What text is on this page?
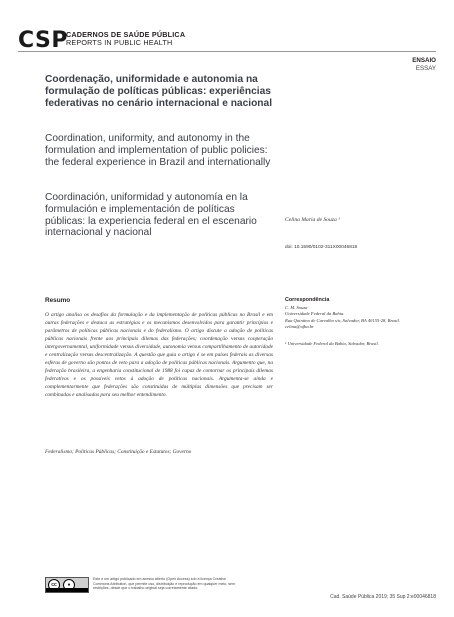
CSP
CADERNOS DE SAÚDE PÚBLICA
REPORTS IN PUBLIC HEALTH
ENSAIO
ESSAY
Coordenação, uniformidade e autonomia na formulação de políticas públicas: experiências federativas no cenário internacional e nacional
Coordination, uniformity, and autonomy in the formulation and implementation of public policies: the federal experience in Brazil and internationally
Coordinación, uniformidad y autonomía en la formulación e implementación de políticas públicas: la experiencia federal en el escenario internacional y nacional
Celina Maria de Souza ¹
doi: 10.1590/0102-311X00046818
Resumo
O artigo analisa os desafios da formulação e da implementação de políticas públicas no Brasil e em outras federações e destaca as estratégias e os mecanismos desenvolvidos para garantir princípios e parâmetros de políticas públicas nacionais e do federalismo. O artigo discute a adoção de políticas públicas nacionais frente aos principais dilemas das federações; coordenação versus cooperação intergovernamental, uniformidade versus diversidade, autonomia versus compartilhamento de autoridade e centralização versus descentralização. A questão que guia o artigo é se em países federais as diversas esferas de governo são pontos de veto para a adoção de políticas públicas nacionais. Argumento que, na federação brasileira, a engenharia constitucional de 1988 foi capaz de contornar os principais dilemas federativos e os possíveis vetos à adoção de políticas nacionais. Argumenta-se ainda e complementarmente que federações são constituídas de múltiplas dimensões que precisam ser combinadas e analisadas para seu melhor entendimento.
Federalismo; Políticas Públicas; Constituição e Estatutos; Governo
Correspondência
C. M. Souza
Universidade Federal da Bahia.
Rua Quintino de Carvalho s/n, Salvador, BA 40155-28, Brasil.
celina@ufba.br
¹ Universidade Federal da Bahia, Salvador, Brasil.
cc	●
Este é um artigo publicado em acesso aberto (Open Access) sob a licença Creative Commons Attribution, que permite uso, distribuição e reprodução em qualquer meio, sem restrições, desde que o trabalho original seja corretamente citado.
Cad. Saúde Pública 2019; 35 Sup 2:e00046818
